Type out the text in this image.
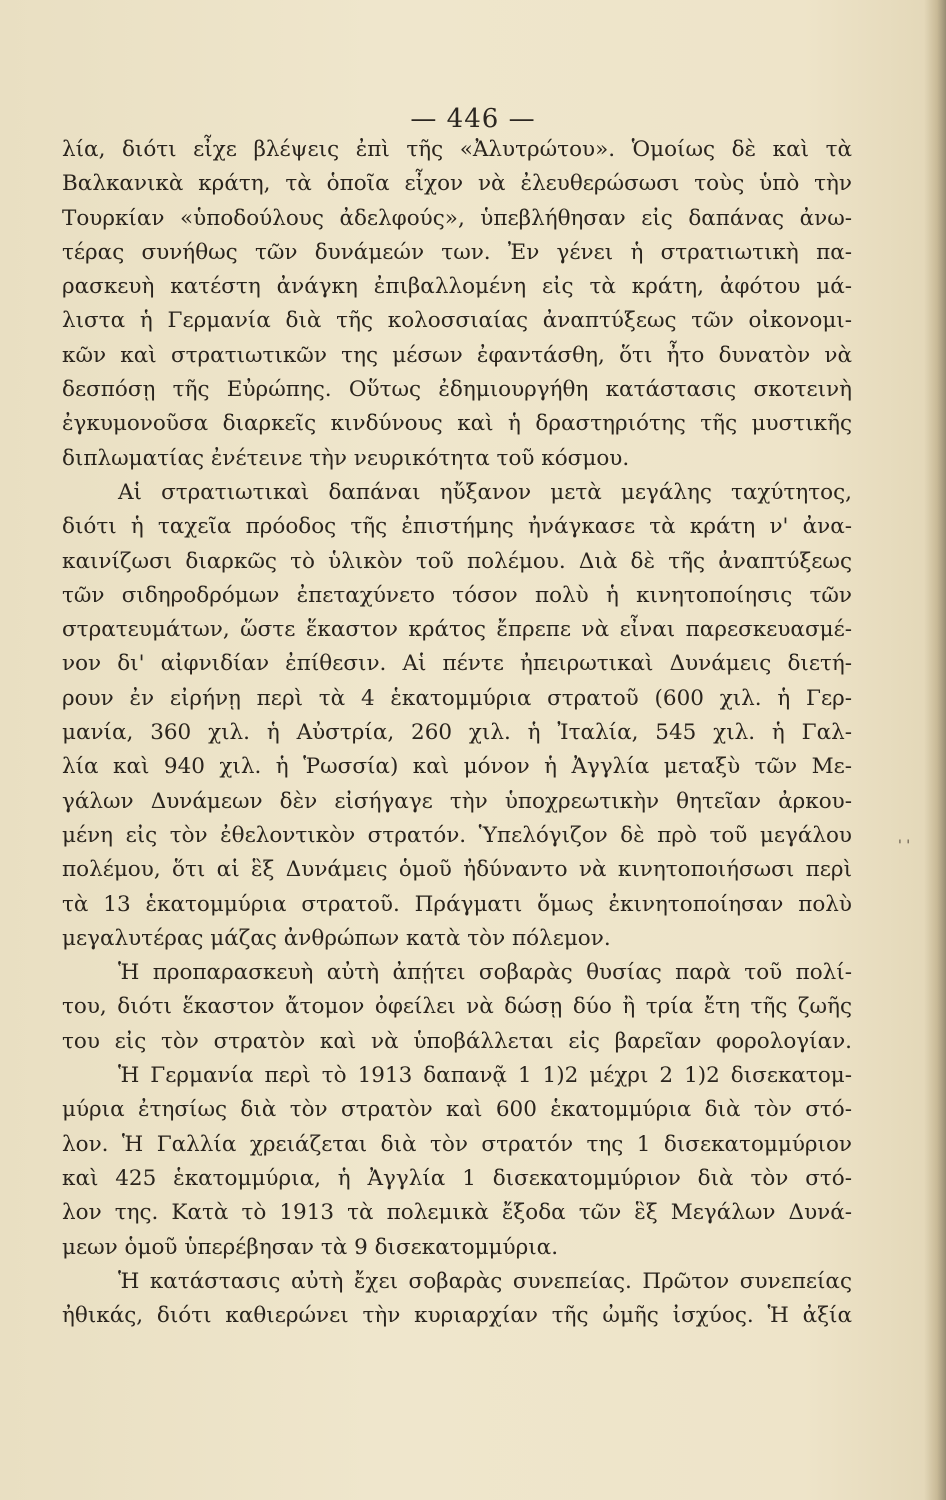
— 446 —
λία, διότι εἶχε βλέψεις ἐπὶ τῆς «Ἀλυτρώτου». Ὁμοίως δὲ καὶ τὰ
Βαλκανικὰ κράτη, τὰ ὁποῖα εἶχον νὰ ἐλευθερώσωσι τοὺς ὑπὸ τὴν
Τουρκίαν «ὑποδούλους ἀδελφούς», ὑπεβλήθησαν εἰς δαπάνας ἀνω-
τέρας συνήθως τῶν δυνάμεών των. Ἐν γένει ἡ στρατιωτικὴ πα-
ρασκευὴ κατέστη ἀνάγκη ἐπιβαλλομένη εἰς τὰ κράτη, ἀφότου μά-
λιστα ἡ Γερμανία διὰ τῆς κολοσσιαίας ἀναπτύξεως τῶν οἰκονομι-
κῶν καὶ στρατιωτικῶν της μέσων ἐφαντάσθη, ὅτι ἦτο δυνατὸν νὰ
δεσπόσῃ τῆς Εὐρώπης. Οὕτως ἐδημιουργήθη κατάστασις σκοτεινὴ
ἐγκυμονοῦσα διαρκεῖς κινδύνους καὶ ἡ δραστηριότης τῆς μυστικῆς
διπλωματίας ἐνέτεινε τὴν νευρικότητα τοῦ κόσμου.
Αἱ στρατιωτικαὶ δαπάναι ηὔξανον μετὰ μεγάλης ταχύτητος,
διότι ἡ ταχεῖα πρόοδος τῆς ἐπιστήμης ἠνάγκασε τὰ κράτη ν' ἀνα-
καινίζωσι διαρκῶς τὸ ὑλικὸν τοῦ πολέμου. Διὰ δὲ τῆς ἀναπτύξεως
τῶν σιδηροδρόμων ἐπεταχύνετο τόσον πολὺ ἡ κινητοποίησις τῶν
στρατευμάτων, ὥστε ἕκαστον κράτος ἔπρεπε νὰ εἶναι παρεσκευασμέ-
νον δι' αἰφνιδίαν ἐπίθεσιν. Αἱ πέντε ἠπειρωτικαὶ Δυνάμεις διετή-
ρουν ἐν εἰρήνῃ περὶ τὰ 4 ἑκατομμύρια στρατοῦ (600 χιλ. ἡ Γερ-
μανία, 360 χιλ. ἡ Αὐστρία, 260 χιλ. ἡ Ἰταλία, 545 χιλ. ἡ Γαλ-
λία καὶ 940 χιλ. ἡ Ῥωσσία) καὶ μόνον ἡ Ἀγγλία μεταξὺ τῶν Με-
γάλων Δυνάμεων δὲν εἰσήγαγε τὴν ὑποχρεωτικὴν θητεῖαν ἀρκου-
μένη εἰς τὸν ἐθελοντικὸν στρατόν. Ὑπελόγιζον δὲ πρὸ τοῦ μεγάλου
πολέμου, ὅτι αἱ ἓξ Δυνάμεις ὁμοῦ ἠδύναντο νὰ κινητοποιήσωσι περὶ
τὰ 13 ἑκατομμύρια στρατοῦ. Πράγματι ὅμως ἐκινητοποίησαν πολὺ
μεγαλυτέρας μάζας ἀνθρώπων κατὰ τὸν πόλεμον.
Ἡ προπαρασκευὴ αὐτὴ ἀπῄτει σοβαρὰς θυσίας παρὰ τοῦ πολί-
του, διότι ἕκαστον ἄτομον ὀφείλει νὰ δώσῃ δύο ἢ τρία ἔτη τῆς ζωῆς
του εἰς τὸν στρατὸν καὶ νὰ ὑποβάλλεται εἰς βαρεῖαν φορολογίαν.
Ἡ Γερμανία περὶ τὸ 1913 δαπανᾷ 1 1)2 μέχρι 2 1)2 δισεκατομ-
μύρια ἐτησίως διὰ τὸν στρατὸν καὶ 600 ἑκατομμύρια διὰ τὸν στό-
λον. Ἡ Γαλλία χρειάζεται διὰ τὸν στρατόν της 1 δισεκατομμύριον
καὶ 425 ἑκατομμύρια, ἡ Ἀγγλία 1 δισεκατομμύριον διὰ τὸν στό-
λον της. Κατὰ τὸ 1913 τὰ πολεμικὰ ἔξοδα τῶν ἓξ Μεγάλων Δυνά-
μεων ὁμοῦ ὑπερέβησαν τὰ 9 δισεκατομμύρια.
Ἡ κατάστασις αὐτὴ ἔχει σοβαρὰς συνεπείας. Πρῶτον συνεπείας
ἠθικάς, διότι καθιερώνει τὴν κυριαρχίαν τῆς ὠμῆς ἰσχύος. Ἡ ἀξία
' '
